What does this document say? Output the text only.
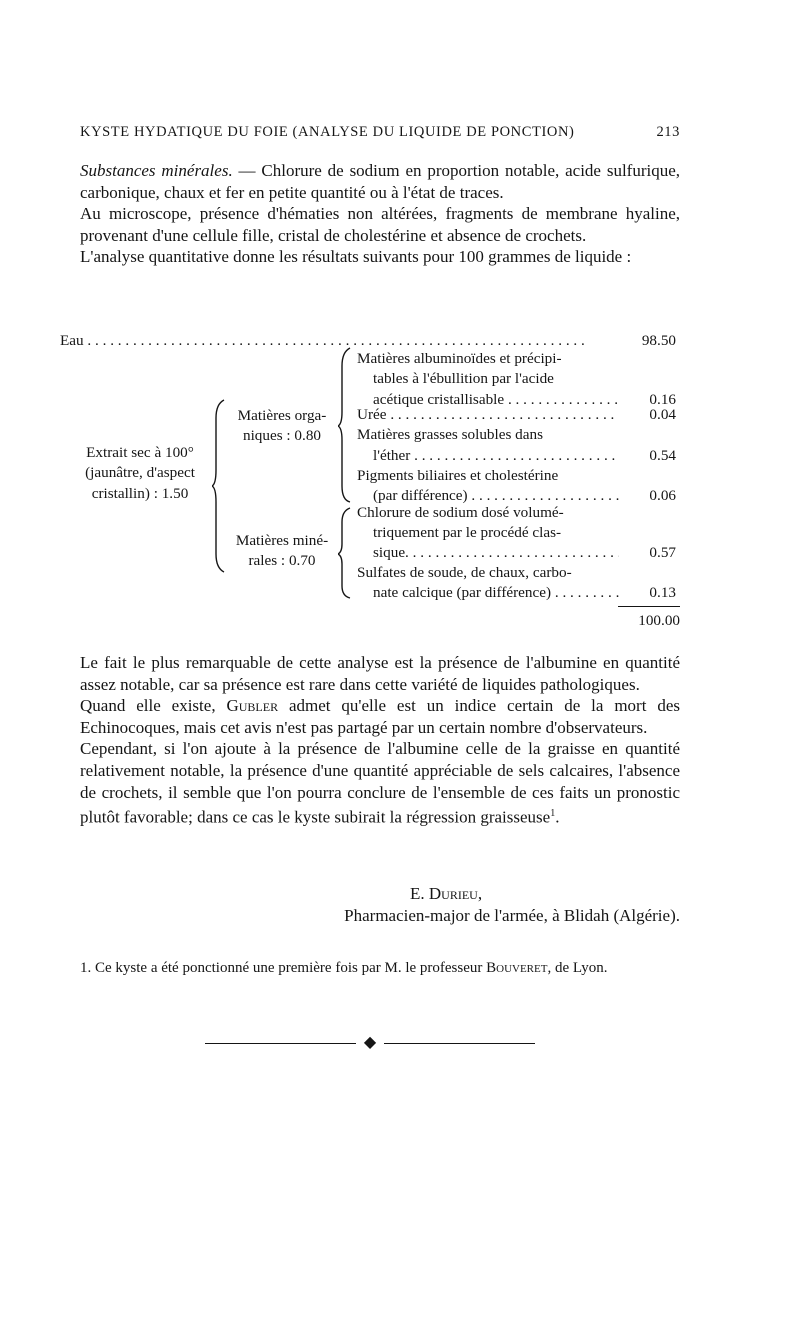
KYSTE HYDATIQUE DU FOIE (ANALYSE DU LIQUIDE DE PONCTION)	213

Substances minérales. — Chlorure de sodium en proportion notable, acide sulfurique, carbonique, chaux et fer en petite quantité ou à l'état de traces.

Au microscope, présence d'hématies non altérées, fragments de membrane hyaline, provenant d'une cellule fille, cristal de cholestérine et absence de crochets.

L'analyse quantitative donne les résultats suivants pour 100 grammes de liquide :

Eau . . .	98.50
Extrait sec à 100°
(jaunâtre, d'aspect
cristallin) : 1.50
Matières orga-
niques : 0.80
Matières miné-
rales : 0.70
Matières albuminoïdes et précipi-
tables à l'ébullition par l'acide
acétique cristallisable . . .	0.16
Urée . . .	0.04
Matières grasses solubles dans
l'éther . . .	0.54
Pigments biliaires et cholestérine
(par différence) . . .	0.06
Chlorure de sodium dosé volumé-
triquement par le procédé clas-
sique. . . .	0.57
Sulfates de soude, de chaux, carbo-
nate calcique (par différence) . . .	0.13
100.00

Le fait le plus remarquable de cette analyse est la présence de l'albumine en quantité assez notable, car sa présence est rare dans cette variété de liquides pathologiques.

Quand elle existe, Gubler admet qu'elle est un indice certain de la mort des Echinocoques, mais cet avis n'est pas partagé par un certain nombre d'observateurs.

Cependant, si l'on ajoute à la présence de l'albumine celle de la graisse en quantité relativement notable, la présence d'une quantité appréciable de sels calcaires, l'absence de crochets, il semble que l'on pourra conclure de l'ensemble de ces faits un pronostic plutôt favorable; dans ce cas le kyste subirait la régression graisseuse$^1$.

E. Durieu,
Pharmacien-major de l'armée, à Blidah (Algérie).
1. Ce kyste a été ponctionné une première fois par M. le professeur Bouveret, de Lyon.
◆
